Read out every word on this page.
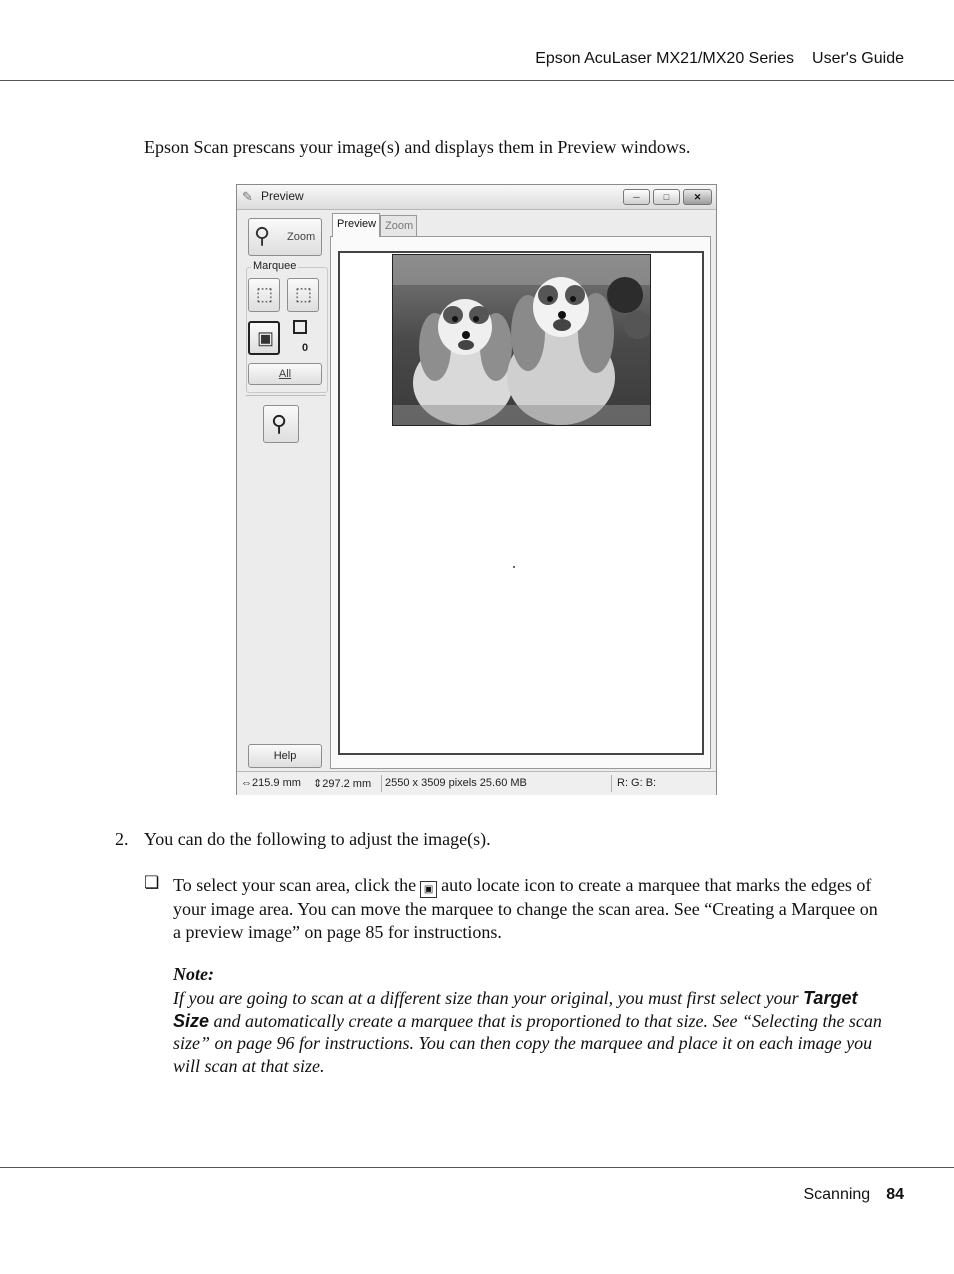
Epson AcuLaser MX21/MX20 Series User's Guide
Epson Scan prescans your image(s) and displays them in Preview windows.
✎ Preview	─	□	✕
⚲ Zoom
Marquee
⬚ ⬚
▣	0
All
⚲
Help
Preview Zoom
⇔215.9 mm ⇕297.2 mm 2550 x 3509 pixels 25.60 MB	R: G: B:
2. You can do the following to adjust the image(s).
❏ To select your scan area, click the ▣ auto locate icon to create a marquee that marks the edges of your image area. You can move the marquee to change the scan area. See “Creating a Marquee on a preview image” on page 85 for instructions.
Note:
If you are going to scan at a different size than your original, you must first select your Target Size and automatically create a marquee that is proportioned to that size. See “Selecting the scan size” on page 96 for instructions. You can then copy the marquee and place it on each image you will scan at that size.
Scanning 84
